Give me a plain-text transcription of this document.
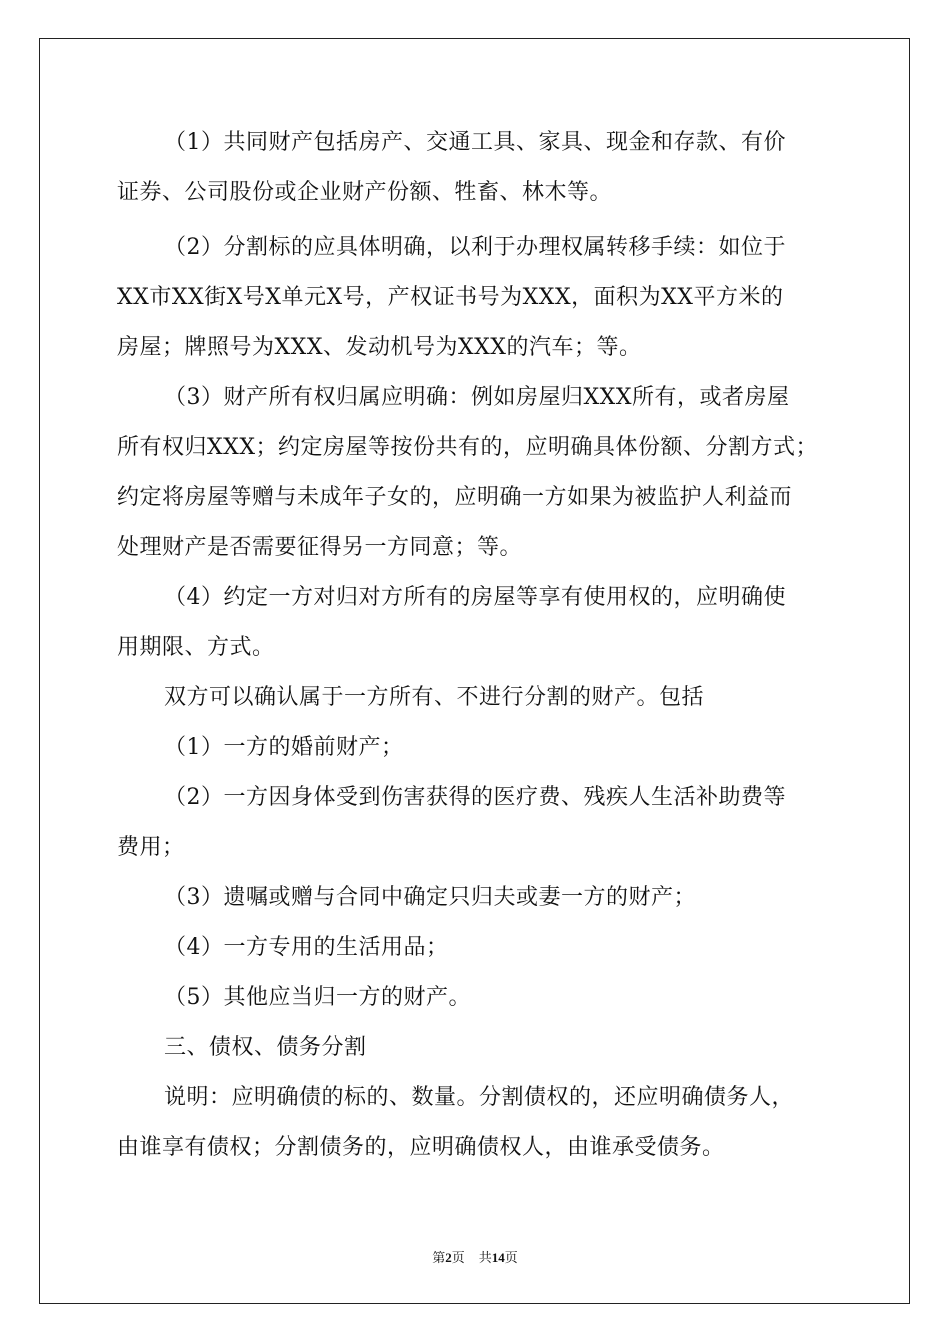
（1）共同财产包括房产、交通工具、家具、现金和存款、有价
证券、公司股份或企业财产份额、牲畜、林木等。
（2）分割标的应具体明确，以利于办理权属转移手续：如位于
XX市XX街X号X单元X号，产权证书号为XXX，面积为XX平方米的
房屋；牌照号为XXX、发动机号为XXX的汽车；等。
（3）财产所有权归属应明确：例如房屋归XXX所有，或者房屋
所有权归XXX；约定房屋等按份共有的，应明确具体份额、分割方式；
约定将房屋等赠与未成年子女的，应明确一方如果为被监护人利益而
处理财产是否需要征得另一方同意；等。
（4）约定一方对归对方所有的房屋等享有使用权的，应明确使
用期限、方式。
双方可以确认属于一方所有、不进行分割的财产。包括
（1）一方的婚前财产；
（2）一方因身体受到伤害获得的医疗费、残疾人生活补助费等
费用；
（3）遗嘱或赠与合同中确定只归夫或妻一方的财产；
（4）一方专用的生活用品；
（5）其他应当归一方的财产。
三、债权、债务分割
说明：应明确债的标的、数量。分割债权的，还应明确债务人，
由谁享有债权；分割债务的，应明确债权人，由谁承受债务。
第2页 共14页
